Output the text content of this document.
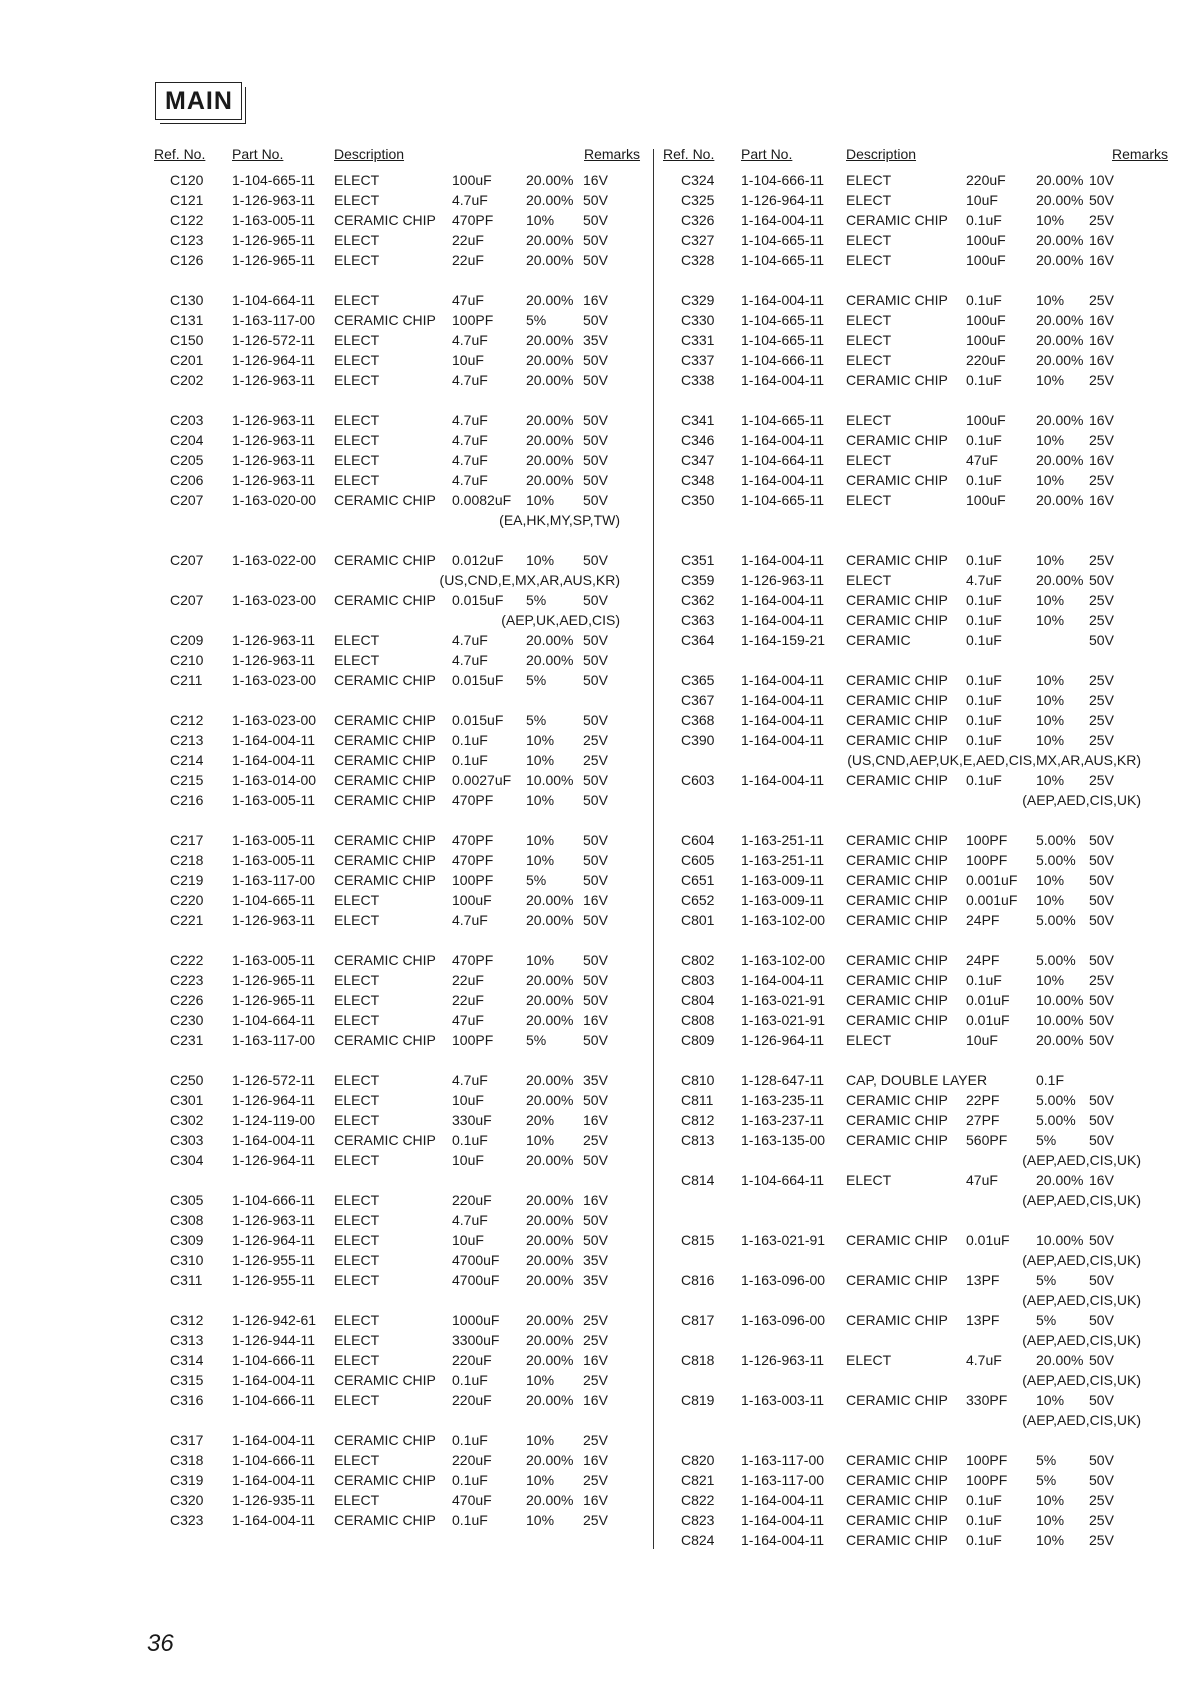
MAIN
Ref. No. Part No.	Description	Remarks
C120 1-104-665-11 ELECT	100uF 20.00% 16V
C121 1-126-963-11 ELECT	4.7uF	20.00% 50V
C122 1-163-005-11 CERAMIC CHIP 470PF 10% 50V
C123 1-126-965-11 ELECT	22uF	20.00% 50V
C126 1-126-965-11 ELECT	22uF	20.00% 50V
C130 1-104-664-11 ELECT	47uF	20.00% 16V
C131 1-163-117-00 CERAMIC CHIP 100PF 5%	50V
C150 1-126-572-11 ELECT	4.7uF	20.00% 35V
C201 1-126-964-11 ELECT	10uF	20.00% 50V
C202 1-126-963-11 ELECT	4.7uF	20.00% 50V
C203 1-126-963-11 ELECT	4.7uF	20.00% 50V
C204 1-126-963-11 ELECT	4.7uF	20.00% 50V
C205 1-126-963-11 ELECT	4.7uF	20.00% 50V
C206 1-126-963-11 ELECT	4.7uF	20.00% 50V
C207 1-163-020-00 CERAMIC CHIP 0.0082uF 10% 50V
(EA,HK,MY,SP,TW)
C207 1-163-022-00 CERAMIC CHIP 0.012uF 10% 50V
(US,CND,E,MX,AR,AUS,KR)
C207 1-163-023-00 CERAMIC CHIP 0.015uF 5%	50V
(AEP,UK,AED,CIS)
C209 1-126-963-11 ELECT	4.7uF	20.00% 50V
C210 1-126-963-11 ELECT	4.7uF	20.00% 50V
C211 1-163-023-00 CERAMIC CHIP 0.015uF 5%	50V
C212 1-163-023-00 CERAMIC CHIP 0.015uF 5%	50V
C213 1-164-004-11 CERAMIC CHIP 0.1uF	10% 25V
C214 1-164-004-11 CERAMIC CHIP 0.1uF	10% 25V
C215 1-163-014-00 CERAMIC CHIP 0.0027uF 10.00% 50V
C216 1-163-005-11 CERAMIC CHIP 470PF 10% 50V
C217 1-163-005-11 CERAMIC CHIP 470PF 10% 50V
C218 1-163-005-11 CERAMIC CHIP 470PF 10% 50V
C219 1-163-117-00 CERAMIC CHIP 100PF 5%	50V
C220 1-104-665-11 ELECT	100uF 20.00% 16V
C221 1-126-963-11 ELECT	4.7uF	20.00% 50V
C222 1-163-005-11 CERAMIC CHIP 470PF 10% 50V
C223 1-126-965-11 ELECT	22uF	20.00% 50V
C226 1-126-965-11 ELECT	22uF	20.00% 50V
C230 1-104-664-11 ELECT	47uF	20.00% 16V
C231 1-163-117-00 CERAMIC CHIP 100PF 5%	50V
C250 1-126-572-11 ELECT	4.7uF	20.00% 35V
C301 1-126-964-11 ELECT	10uF	20.00% 50V
C302 1-124-119-00 ELECT	330uF 20% 16V
C303 1-164-004-11 CERAMIC CHIP 0.1uF	10% 25V
C304 1-126-964-11 ELECT	10uF	20.00% 50V
C305 1-104-666-11 ELECT	220uF 20.00% 16V
C308 1-126-963-11 ELECT	4.7uF	20.00% 50V
C309 1-126-964-11 ELECT	10uF	20.00% 50V
C310 1-126-955-11 ELECT	4700uF 20.00% 35V
C311 1-126-955-11 ELECT	4700uF 20.00% 35V
C312 1-126-942-61 ELECT	1000uF 20.00% 25V
C313 1-126-944-11 ELECT	3300uF 20.00% 25V
C314 1-104-666-11 ELECT	220uF 20.00% 16V
C315 1-164-004-11 CERAMIC CHIP 0.1uF	10% 25V
C316 1-104-666-11 ELECT	220uF 20.00% 16V
C317 1-164-004-11 CERAMIC CHIP 0.1uF	10% 25V
C318 1-104-666-11 ELECT	220uF 20.00% 16V
C319 1-164-004-11 CERAMIC CHIP 0.1uF	10% 25V
C320 1-126-935-11 ELECT	470uF 20.00% 16V
C323 1-164-004-11 CERAMIC CHIP 0.1uF	10% 25V
Ref. No. Part No.	Description	Remarks
C324 1-104-666-11 ELECT	220uF 20.00% 10V
C325 1-126-964-11 ELECT	10uF	20.00% 50V
C326 1-164-004-11 CERAMIC CHIP 0.1uF 10% 25V
C327 1-104-665-11 ELECT	100uF 20.00% 16V
C328 1-104-665-11 ELECT	100uF 20.00% 16V
C329 1-164-004-11 CERAMIC CHIP 0.1uF 10% 25V
C330 1-104-665-11 ELECT	100uF 20.00% 16V
C331 1-104-665-11 ELECT	100uF 20.00% 16V
C337 1-104-666-11 ELECT	220uF 20.00% 16V
C338 1-164-004-11 CERAMIC CHIP 0.1uF 10% 25V
C341 1-104-665-11 ELECT	100uF 20.00% 16V
C346 1-164-004-11 CERAMIC CHIP 0.1uF 10% 25V
C347 1-104-664-11 ELECT	47uF	20.00% 16V
C348 1-164-004-11 CERAMIC CHIP 0.1uF 10% 25V
C350 1-104-665-11 ELECT	100uF 20.00% 16V
C351 1-164-004-11 CERAMIC CHIP 0.1uF 10% 25V
C359 1-126-963-11 ELECT	4.7uF 20.00% 50V
C362 1-164-004-11 CERAMIC CHIP 0.1uF 10% 25V
C363 1-164-004-11 CERAMIC CHIP 0.1uF 10% 25V
C364 1-164-159-21 CERAMIC	0.1uF	50V
C365 1-164-004-11 CERAMIC CHIP 0.1uF 10% 25V
C367 1-164-004-11 CERAMIC CHIP 0.1uF 10% 25V
C368 1-164-004-11 CERAMIC CHIP 0.1uF 10% 25V
C390 1-164-004-11 CERAMIC CHIP 0.1uF 10% 25V
(US,CND,AEP,UK,E,AED,CIS,MX,AR,AUS,KR)
C603 1-164-004-11 CERAMIC CHIP 0.1uF 10% 25V
(AEP,AED,CIS,UK)
C604 1-163-251-11 CERAMIC CHIP 100PF 5.00% 50V
C605 1-163-251-11 CERAMIC CHIP 100PF 5.00% 50V
C651 1-163-009-11 CERAMIC CHIP 0.001uF 10% 50V
C652 1-163-009-11 CERAMIC CHIP 0.001uF 10% 50V
C801 1-163-102-00 CERAMIC CHIP 24PF	5.00% 50V
C802 1-163-102-00 CERAMIC CHIP 24PF	5.00% 50V
C803 1-164-004-11 CERAMIC CHIP 0.1uF 10% 25V
C804 1-163-021-91 CERAMIC CHIP 0.01uF 10.00% 50V
C808 1-163-021-91 CERAMIC CHIP 0.01uF 10.00% 50V
C809 1-126-964-11 ELECT	10uF	20.00% 50V
C810 1-128-647-11 CAP, DOUBLE LAYER	0.1F
C811 1-163-235-11 CERAMIC CHIP 22PF	5.00% 50V
C812 1-163-237-11 CERAMIC CHIP 27PF	5.00% 50V
C813 1-163-135-00 CERAMIC CHIP 560PF 5% 50V
(AEP,AED,CIS,UK)
C814 1-104-664-11 ELECT	47uF	20.00% 16V
(AEP,AED,CIS,UK)
C815 1-163-021-91 CERAMIC CHIP 0.01uF 10.00% 50V
(AEP,AED,CIS,UK)
C816 1-163-096-00 CERAMIC CHIP 13PF	5% 50V
(AEP,AED,CIS,UK)
C817 1-163-096-00 CERAMIC CHIP 13PF	5% 50V
(AEP,AED,CIS,UK)
C818 1-126-963-11 ELECT	4.7uF 20.00% 50V
(AEP,AED,CIS,UK)
C819 1-163-003-11 CERAMIC CHIP 330PF 10% 50V
(AEP,AED,CIS,UK)
C820 1-163-117-00 CERAMIC CHIP 100PF 5% 50V
C821 1-163-117-00 CERAMIC CHIP 100PF 5% 50V
C822 1-164-004-11 CERAMIC CHIP 0.1uF 10% 25V
C823 1-164-004-11 CERAMIC CHIP 0.1uF 10% 25V
C824 1-164-004-11 CERAMIC CHIP 0.1uF 10% 25V
36
